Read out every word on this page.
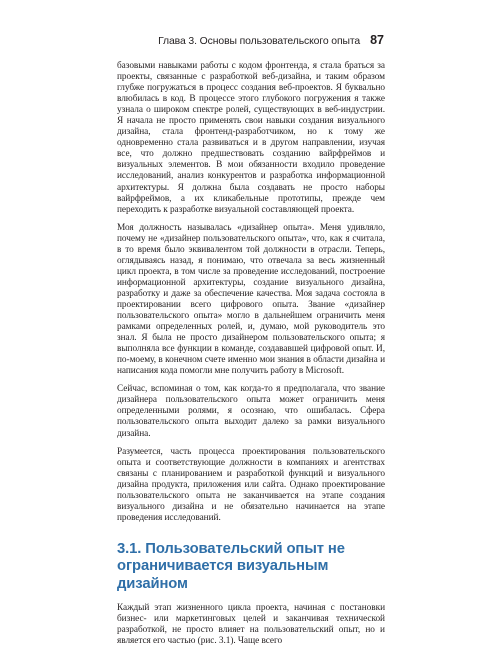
Глава 3. Основы пользовательского опыта 87

базовыми навыками работы с кодом фронтенда, я стала браться за проекты, связанные с разработкой веб-дизайна, и таким образом глубже погружаться в процесс создания веб-проектов. Я буквально влюбилась в код. В процессе этого глубокого погружения я также узнала о широком спектре ролей, существующих в веб-индустрии. Я начала не просто применять свои навыки создания визуального дизайна, стала фронтенд-разработчиком, но к тому же одновременно стала развиваться и в другом направлении, изучая все, что должно предшествовать созданию вайрфреймов и визуальных элементов. В мои обязанности входило проведение исследований, анализ конкурентов и разработка информационной архитектуры. Я должна была создавать не просто наборы вайрфреймов, а их кликабельные прототипы, прежде чем переходить к разработке визуальной составляющей проекта.

Моя должность называлась «дизайнер опыта». Меня удивляло, почему не «дизайнер пользовательского опыта», что, как я считала, в то время было эквивалентом той должности в отрасли. Теперь, оглядываясь назад, я понимаю, что отвечала за весь жизненный цикл проекта, в том числе за проведение исследований, построение информационной архитектуры, создание визуального дизайна, разработку и даже за обеспечение качества. Моя задача состояла в проектировании всего цифрового опыта. Звание «дизайнер пользовательского опыта» могло в дальнейшем ограничить меня рамками определенных ролей, и, думаю, мой руководитель это знал. Я была не просто дизайнером пользовательского опыта; я выполняла все функции в команде, создававшей цифровой опыт. И, по-моему, в конечном счете именно мои знания в области дизайна и написания кода помогли мне получить работу в Microsoft.

Сейчас, вспоминая о том, как когда-то я предполагала, что звание дизайнера пользовательского опыта может ограничить меня определенными ролями, я осознаю, что ошибалась. Сфера пользовательского опыта выходит далеко за рамки визуального дизайна.

Разумеется, часть процесса проектирования пользовательского опыта и соответствующие должности в компаниях и агентствах связаны с планированием и разработкой функций и визуального дизайна продукта, приложения или сайта. Однако проектирование пользовательского опыта не заканчивается на этапе создания визуального дизайна и не обязательно начинается на этапе проведения исследований.

3.1. Пользовательский опыт не ограничивается визуальным дизайном

Каждый этап жизненного цикла проекта, начиная с постановки бизнес- или маркетинговых целей и заканчивая технической разработкой, не просто влияет на пользовательский опыт, но и является его частью (рис. 3.1). Чаще всего
